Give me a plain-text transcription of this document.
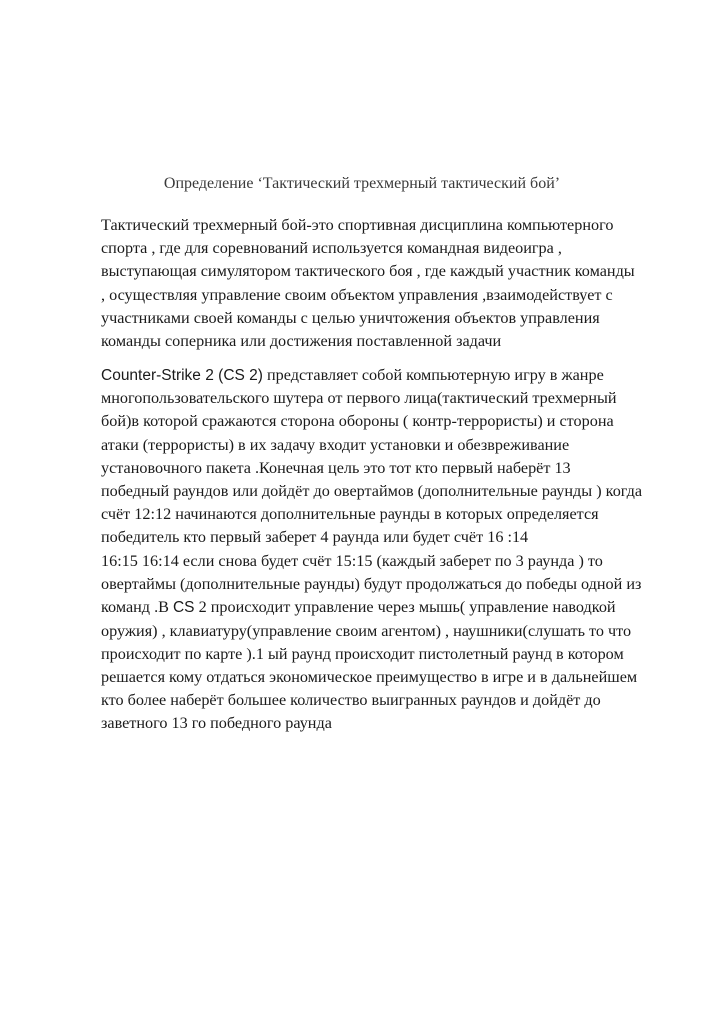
Определение ‘Тактический трехмерный тактический бой’
Тактический трехмерный бой-это спортивная дисциплина компьютерного
спорта , где для соревнований используется командная видеоигра ,
выступающая симулятором тактического боя , где каждый участник команды
, осуществляя управление своим объектом управления ,взаимодействует с
участниками своей команды с целью уничтожения объектов управления
команды соперника или достижения поставленной задачи
Counter-Strike 2 (CS 2) представляет собой компьютерную игру в жанре
многопользовательского шутера от первого лица(тактический трехмерный
бой)в которой сражаются сторона обороны ( контр-террористы) и сторона
атаки (террористы) в их задачу входит установки и обезвреживание
установочного пакета .Конечная цель это тот кто первый наберёт 13
победный раундов или дойдёт до овертаймов (дополнительные раунды ) когда
счёт 12:12 начинаются дополнительные раунды в которых определяется
победитель кто первый заберет 4 раунда или будет счёт 16 :14
16:15 16:14 если снова будет счёт 15:15 (каждый заберет по 3 раунда ) то
овертаймы (дополнительные раунды) будут продолжаться до победы одной из
команд .В CS 2 происходит управление через мышь( управление наводкой
оружия) , клавиатуру(управление своим агентом) , наушники(слушать то что
происходит по карте ).1 ый раунд происходит пистолетный раунд в котором
решается кому отдаться экономическое преимущество в игре и в дальнейшем
кто более наберёт большее количество выигранных раундов и дойдёт до
заветного 13 го победного раунда
